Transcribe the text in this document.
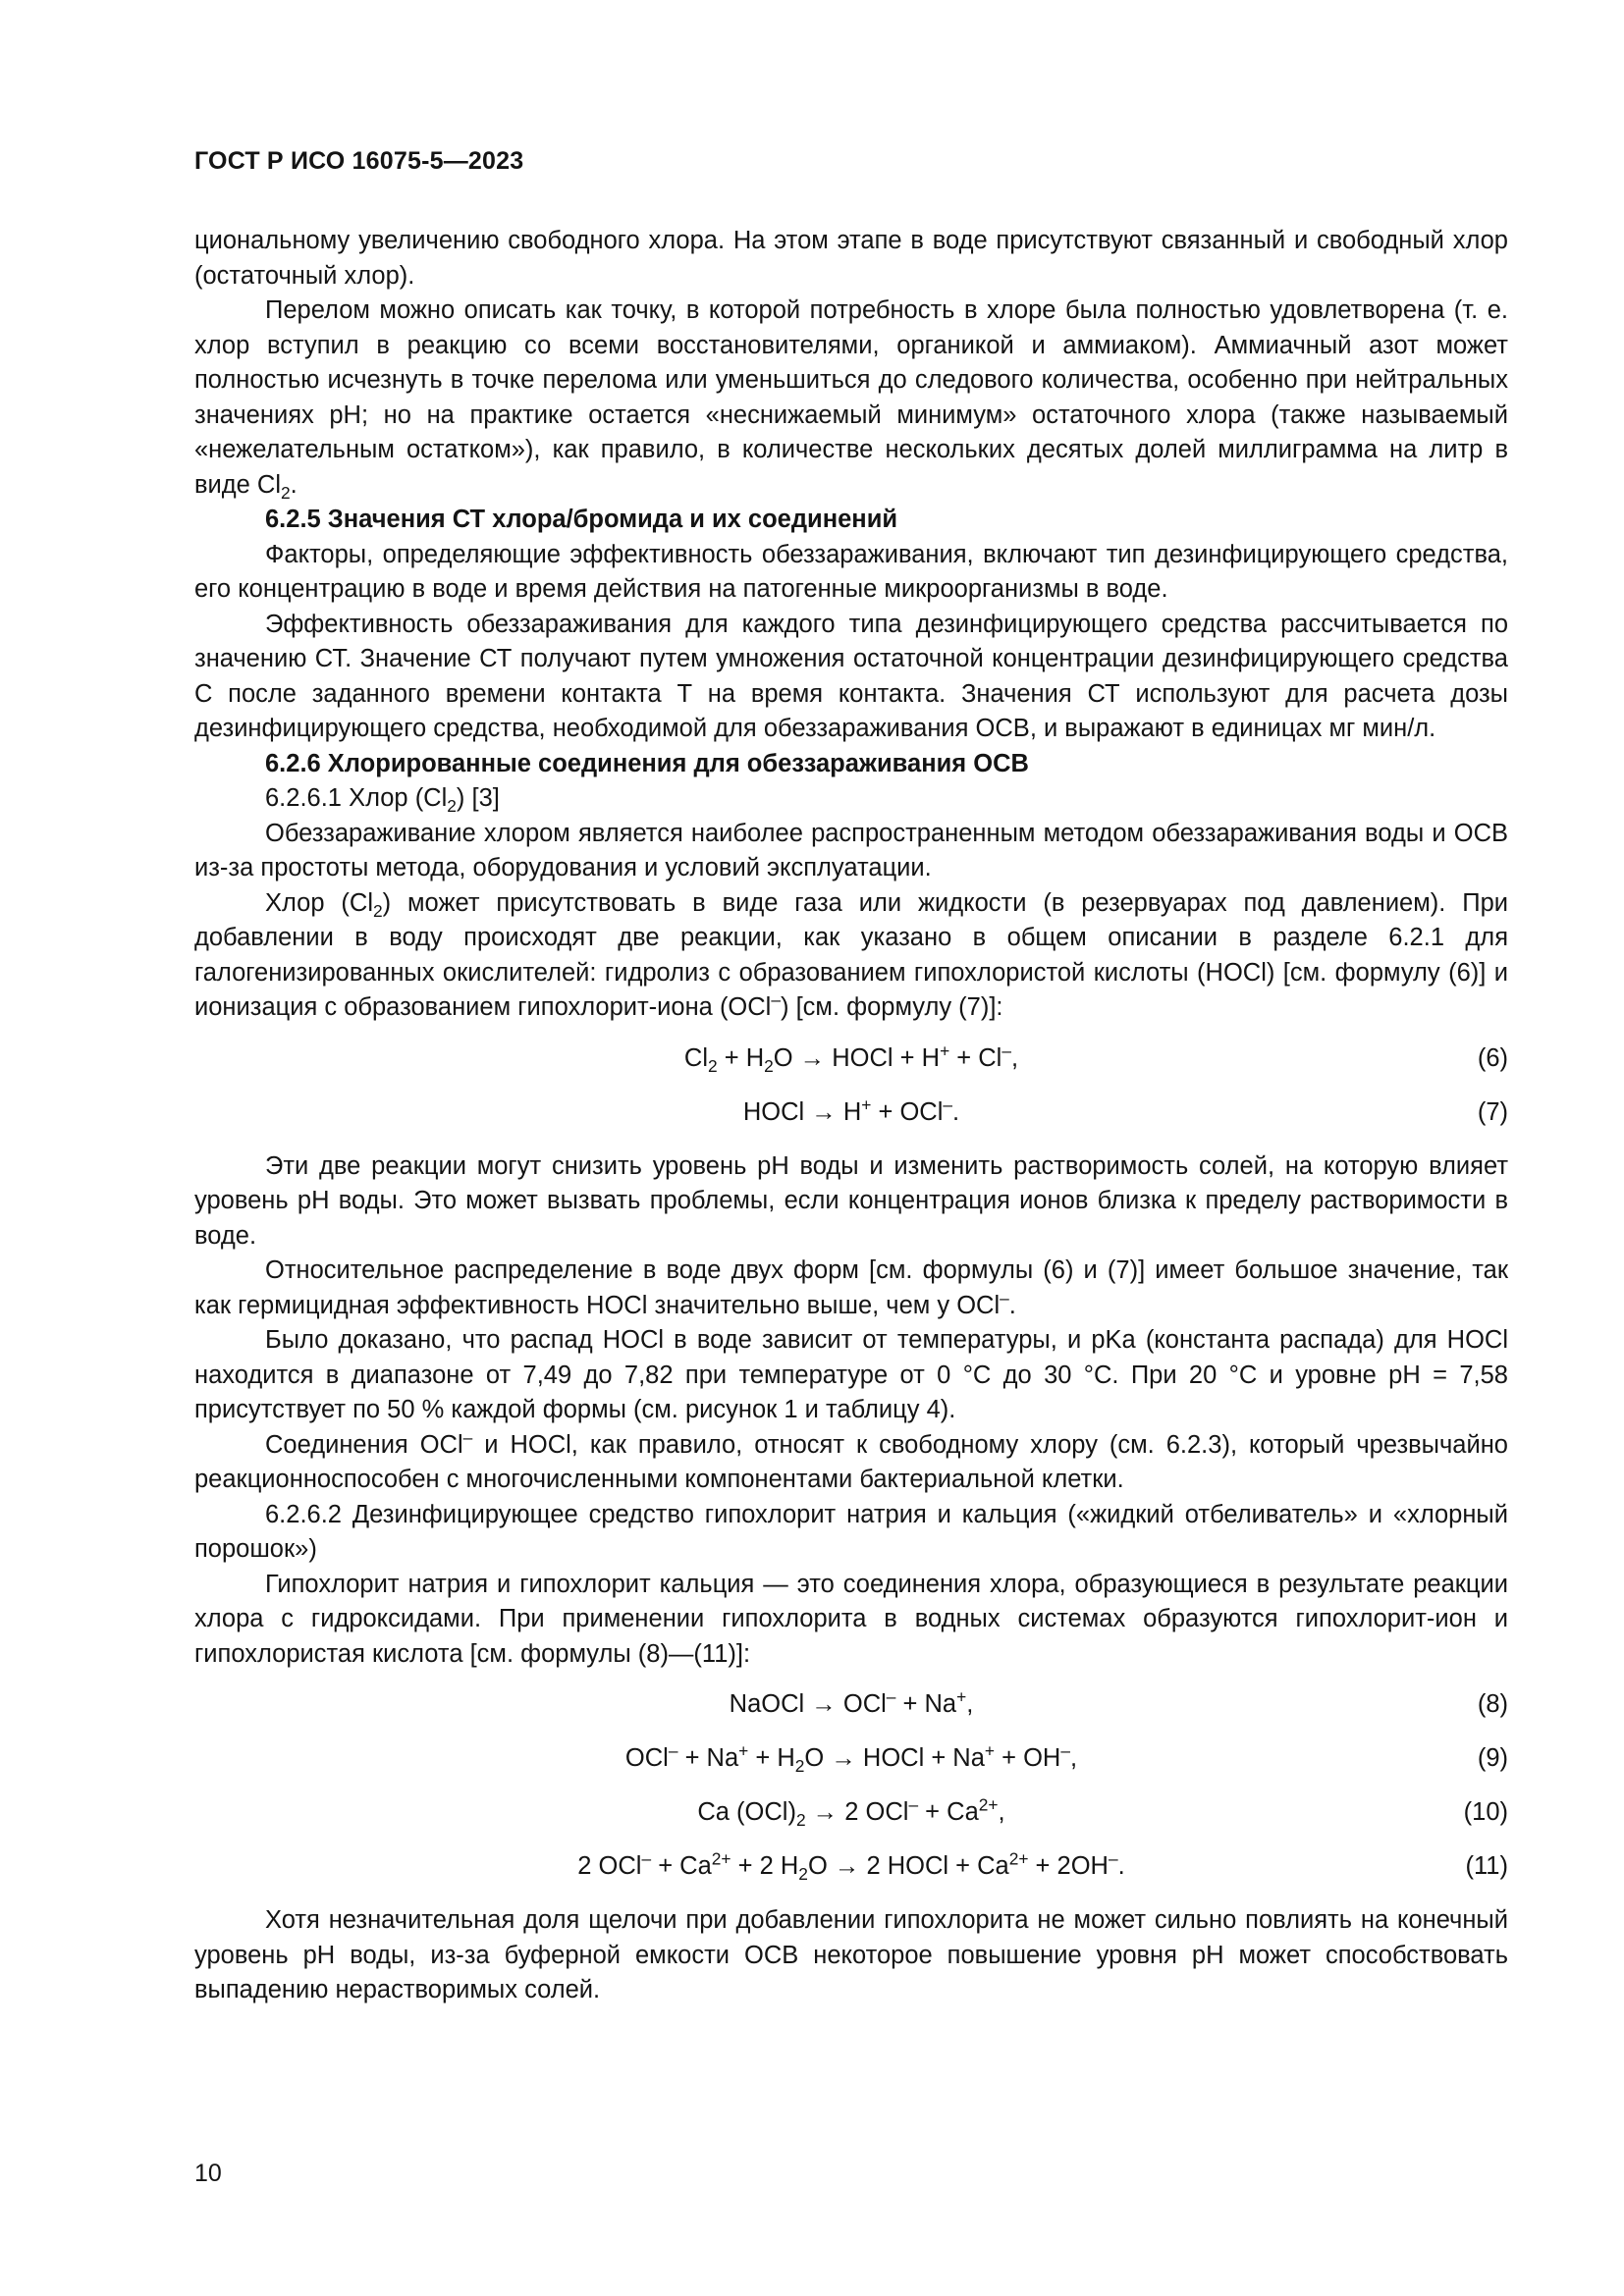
ГОСТ Р ИСО 16075-5—2023

циональному увеличению свободного хлора. На этом этапе в воде присутствуют связанный и свободный хлор (остаточный хлор).

Перелом можно описать как точку, в которой потребность в хлоре была полностью удовлетворена (т. е. хлор вступил в реакцию со всеми восстановителями, органикой и аммиаком). Аммиачный азот может полностью исчезнуть в точке перелома или уменьшиться до следового количества, особенно при нейтральных значениях pH; но на практике остается «неснижаемый минимум» остаточного хлора (также называемый «нежелательным остатком»), как правило, в количестве нескольких десятых долей миллиграмма на литр в виде $Cl_2$.

6.2.5 Значения СТ хлора/бромида и их соединений

Факторы, определяющие эффективность обеззараживания, включают тип дезинфицирующего средства, его концентрацию в воде и время действия на патогенные микроорганизмы в воде.

Эффективность обеззараживания для каждого типа дезинфицирующего средства рассчитывается по значению СТ. Значение СТ получают путем умножения остаточной концентрации дезинфицирующего средства С после заданного времени контакта Т на время контакта. Значения СТ используют для расчета дозы дезинфицирующего средства, необходимой для обеззараживания ОСВ, и выражают в единицах мг мин/л.

6.2.6 Хлорированные соединения для обеззараживания ОСВ

6.2.6.1 Хлор $(Cl_2)$ [3]

Обеззараживание хлором является наиболее распространенным методом обеззараживания воды и ОСВ из-за простоты метода, оборудования и условий эксплуатации.

Хлор $(Cl_2)$ может присутствовать в виде газа или жидкости (в резервуарах под давлением). При добавлении в воду происходят две реакции, как указано в общем описании в разделе 6.2.1 для галогенизированных окислителей: гидролиз с образованием гипохлористой кислоты (HOCl) [см. формулу (6)] и ионизация с образованием гипохлорит-иона (OCl–) [см. формулу (7)]:

$Cl_2 + H_2O$ → HOCl + H+ + Cl–,	(6)
HOCl → H+ + OCl–.	(7)

Эти две реакции могут снизить уровень pH воды и изменить растворимость солей, на которую влияет уровень pH воды. Это может вызвать проблемы, если концентрация ионов близка к пределу растворимости в воде.

Относительное распределение в воде двух форм [см. формулы (6) и (7)] имеет большое значение, так как гермицидная эффективность HOCl значительно выше, чем у OCl–.

Было доказано, что распад HOCl в воде зависит от температуры, и pKa (константа распада) для HOCl находится в диапазоне от 7,49 до 7,82 при температуре от 0 °C до 30 °C. При 20 °C и уровне pH = 7,58 присутствует по 50 % каждой формы (см. рисунок 1 и таблицу 4).

Соединения OCl– и HOCl, как правило, относят к свободному хлору (см. 6.2.3), который чрезвычайно реакционноспособен с многочисленными компонентами бактериальной клетки.

6.2.6.2 Дезинфицирующее средство гипохлорит натрия и кальция («жидкий отбеливатель» и «хлорный порошок»)

Гипохлорит натрия и гипохлорит кальция — это соединения хлора, образующиеся в результате реакции хлора с гидроксидами. При применении гипохлорита в водных системах образуются гипохлорит-ион и гипохлористая кислота [см. формулы (8)—(11)]:

NaOCl → OCl– + Na+,	(8)
$OCl^- + Na^+ + H_2O$ → HOCl + Na+ + OH–,	(9)
Ca $(OCl)_2 \to 2$ $OCl^- + Ca^{2+}$,	(10)
2 $OCl^- + Ca^{2+} + 2$ $H_2O \to 2$ HOCl + $Ca^{2+} + 2OH^-$.	(11)

Хотя незначительная доля щелочи при добавлении гипохлорита не может сильно повлиять на конечный уровень pH воды, из-за буферной емкости ОСВ некоторое повышение уровня pH может способствовать выпадению нерастворимых солей.

10
